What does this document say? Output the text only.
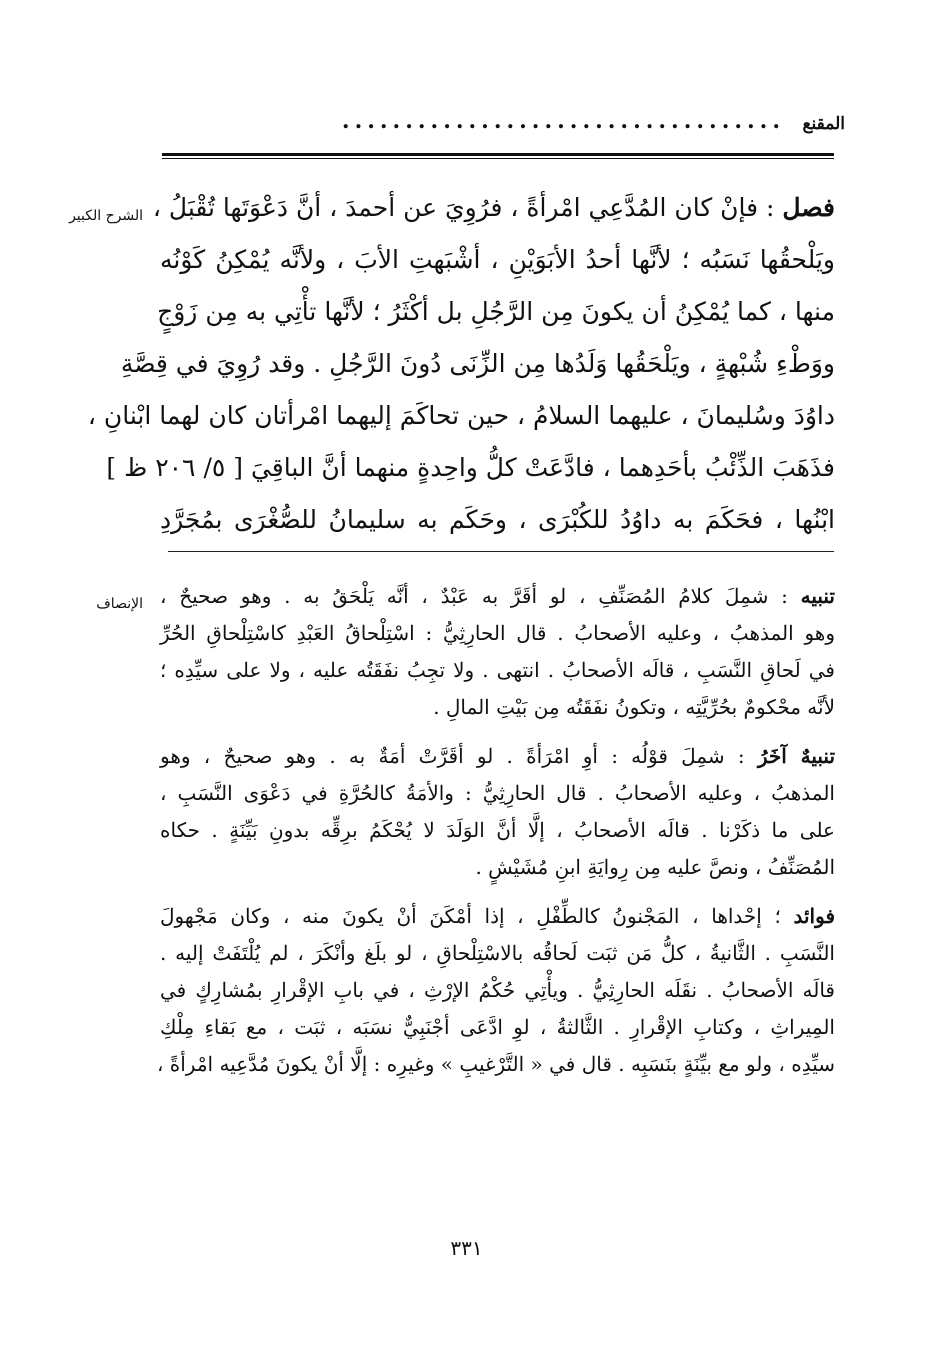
المقنع
...................................
الشرح الكبير
الإنصاف
فصل : فإنْ كان المُدَّعِي امْرأةً ، فرُوِيَ عن أحمدَ ، أنَّ دَعْوَتَها تُقْبَلُ ،
ويَلْحقُها نَسَبُه ؛ لأنَّها أحدُ الأبَوَيْنِ ، أشْبَهتِ الأبَ ، ولأنَّه يُمْكِنُ كَوْنُه
منها ، كما يُمْكِنُ أن يكونَ مِن الرَّجُلِ بل أكْثَرُ ؛ لأنَّها تأْتِي به مِن زَوْجٍ
ووَطْءِ شُبْهةٍ ، ويَلْحَقُها وَلَدُها مِن الزِّنَى دُونَ الرَّجُلِ . وقد رُوِيَ في قِصَّةِ
داوُدَ وسُليمانَ ، عليهما السلامُ ، حين تحاكَمَ إليهما امْرأتان كان لهما ابْنانِ ،
فذَهَبَ الذِّئْبُ بأحَدِهما ، فادَّعَتْ كلُّ واحِدةٍ منهما أنَّ الباقِيَ [ ٥/ ٢٠٦ ظ ]
ابْنُها ، فحَكَمَ به داوُدُ للكُبْرَى ، وحَكَم به سليمانُ للصُّغْرَى بمُجَرَّدِ
تنبيه : شمِلَ كلامُ المُصَنِّفِ ، لو أقَرَّ به عَبْدٌ ، أنَّه يَلْحَقُ به . وهو صحيحٌ ،
وهو المذهبُ ، وعليه الأصحابُ . قال الحارِثِيُّ : اسْتِلْحاقُ العَبْدِ كاسْتِلْحاقِ الحُرِّ
في لَحاقِ النَّسَبِ ، قالَه الأصحابُ . انتهى . ولا تجِبُ نفَقَتُه عليه ، ولا على سيِّدِه ؛
لأنَّه محْكومٌ بحُرِّيَّتِه ، وتكونُ نفَقَتُه مِن بَيْتِ المالِ .
تنبيهٌ آخَرُ : شمِلَ قوْلُه : أوِ امْرَأةً . لو أقَرَّتْ أمَةٌ به . وهو صحيحٌ ، وهو
المذهبُ ، وعليه الأصحابُ . قال الحارِثِيُّ : والأمَةُ كالحُرَّةِ في دَعْوَى النَّسَبِ ،
على ما ذكَرْنا . قالَه الأصحابُ ، إلَّا أنَّ الوَلَدَ لا يُحْكَمُ برِقِّه بدونِ بَيِّنَةٍ . حكاه
المُصَنِّفُ ، ونصَّ عليه مِن رِوايَةِ ابنِ مُشَيْشٍ .
فوائد ؛ إحْداها ، المَجْنونُ كالطِّفْلِ ، إذا أمْكَنَ أنْ يكونَ منه ، وكان مَجْهولَ
النَّسَبِ . الثَّانيةُ ، كلُّ مَن ثبَت لَحاقُه بالاسْتِلْحاقِ ، لو بلَغ وأنْكَرَ ، لم يُلْتَفَتْ إليه .
قالَه الأصحابُ . نقَلَه الحارِثِيُّ . ويأْتِي حُكْمُ الإرْثِ ، في بابِ الإقْرارِ بمُشارِكٍ في
المِيراثِ ، وكتابِ الإقْرارِ . الثَّالثةُ ، لوِ ادَّعَى أجْنَبِيٌّ نسَبَه ، ثبَت ، مع بَقاءِ مِلْكِ
سيِّدِه ، ولو مع بيِّنَةٍ بنَسَبِه . قال في « التَّرْغيبِ » وغيرِه : إلَّا أنْ يكونَ مُدَّعِيه امْرأةً ،
٣٣١
